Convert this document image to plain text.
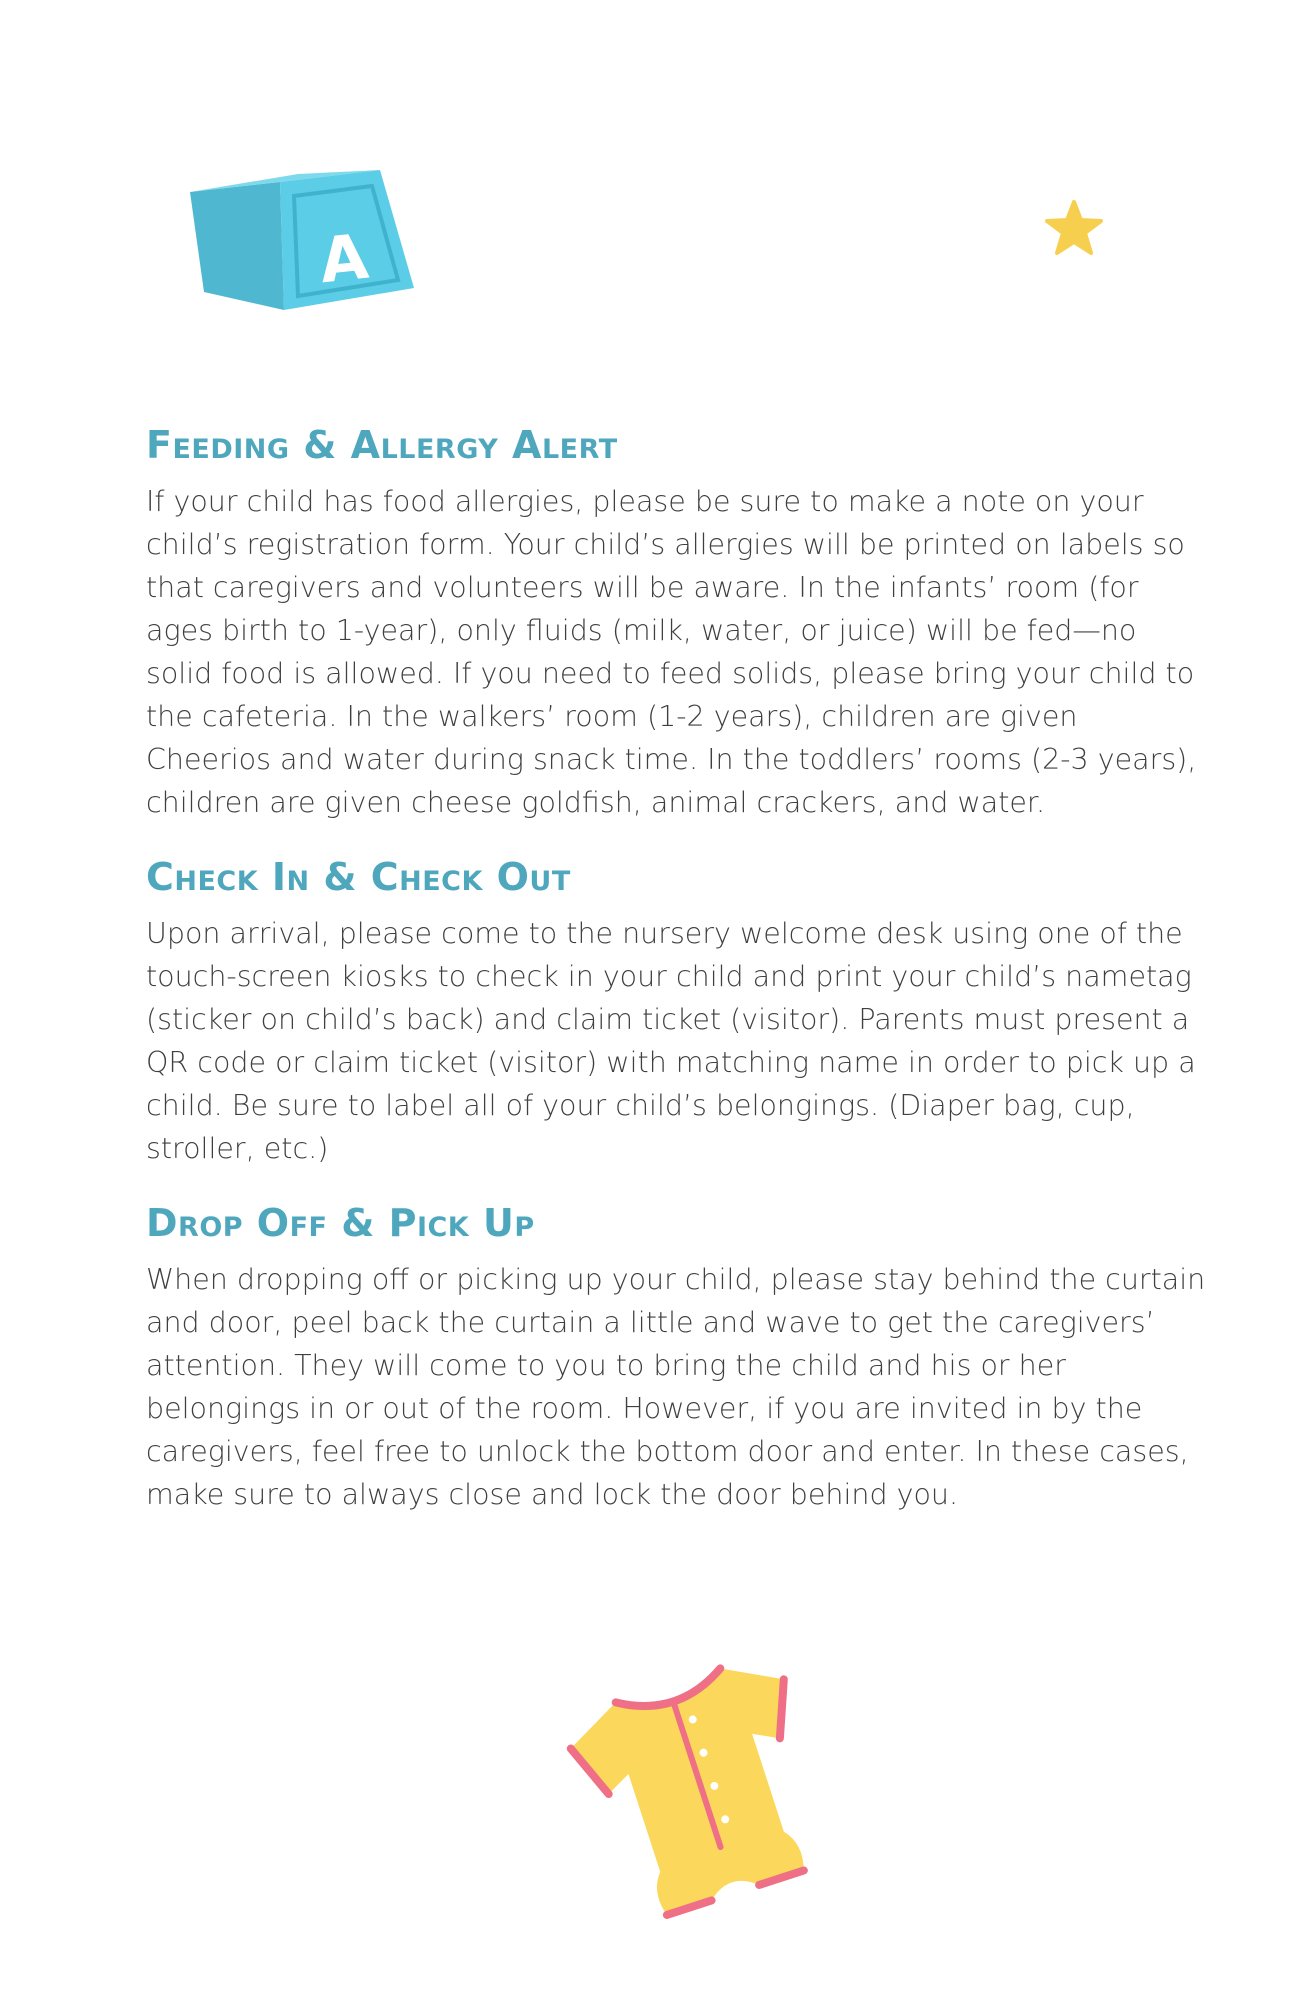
A
Feeding & Allergy Alert

If your child has food allergies, please be sure to make a note on your child’s registration form. Your child’s allergies will be printed on labels so that caregivers and volunteers will be aware. In the infants’ room (for ages birth to 1-year), only fluids (milk, water, or juice) will be fed—no solid food is allowed. If you need to feed solids, please bring your child to the cafeteria. In the walkers’ room (1-2 years), children are given Cheerios and water during snack time. In the toddlers’ rooms (2-3 years), children are given cheese goldfish, animal crackers, and water.

Check In & Check Out

Upon arrival, please come to the nursery welcome desk using one of the touch-screen kiosks to check in your child and print your child’s nametag (sticker on child’s back) and claim ticket (visitor). Parents must present a QR code or claim ticket (visitor) with matching name in order to pick up a child. Be sure to label all of your child’s belongings. (Diaper bag, cup, stroller, etc.)

Drop Off & Pick Up

When dropping off or picking up your child, please stay behind the curtain and door, peel back the curtain a little and wave to get the caregivers’ attention. They will come to you to bring the child and his or her belongings in or out of the room. However, if you are invited in by the caregivers, feel free to unlock the bottom door and enter. In these cases, make sure to always close and lock the door behind you.
